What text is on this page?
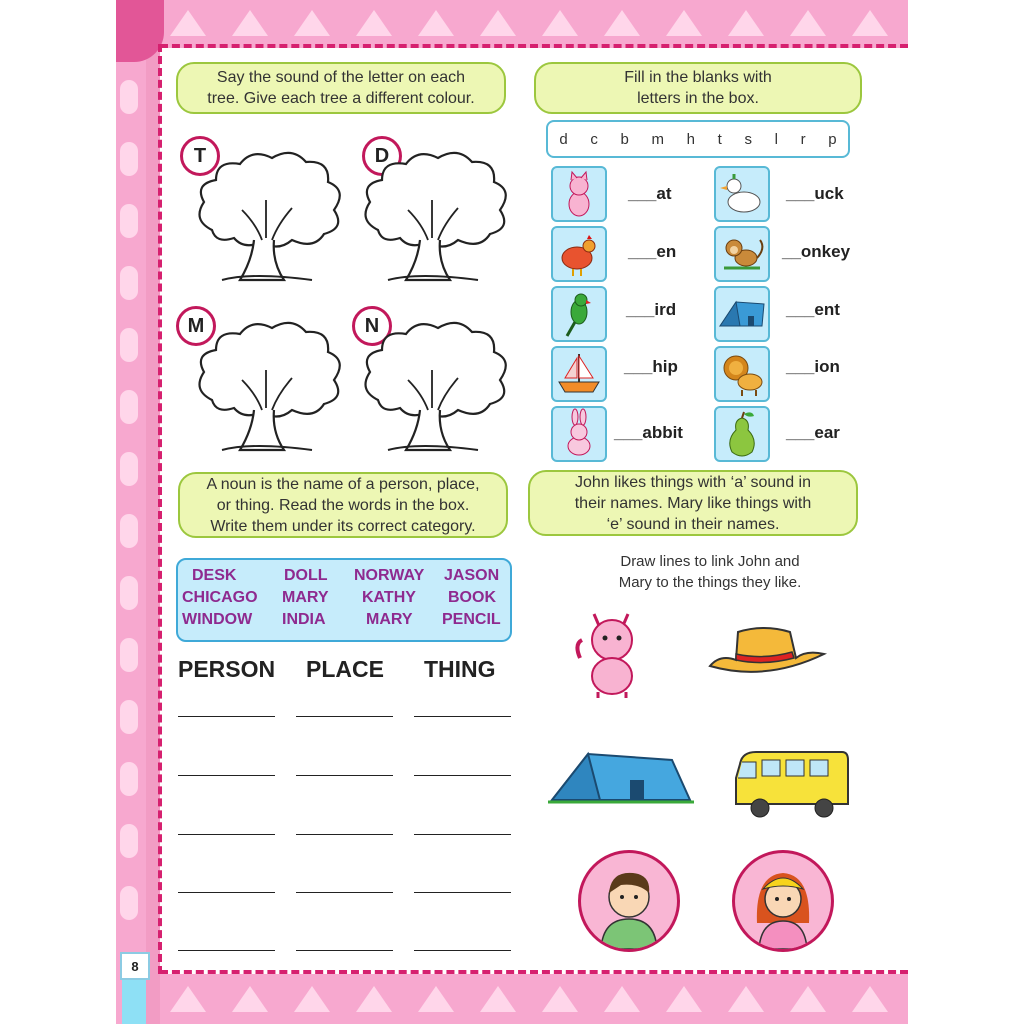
8
Say the sound of the letter on each
tree. Give each tree a different colour.
T	D
M	N
Fill in the blanks with
letters in the box.
d c b m h t s l r p
___at
___en
___ird
___hip
___abbit
___uck
__onkey
___ent
___ion
___ear
A noun is the name of a person, place,
or thing. Read the words in the box.
Write them under its correct category.
DESK	DOLL NORWAY JASON
CHICAGO MARY KATHY BOOK
WINDOW INDIA	MARY PENCIL
PERSON PLACE THING
John likes things with ‘a’ sound in
their names. Mary like things with
‘e’ sound in their names.
Draw lines to link John and
Mary to the things they like.
